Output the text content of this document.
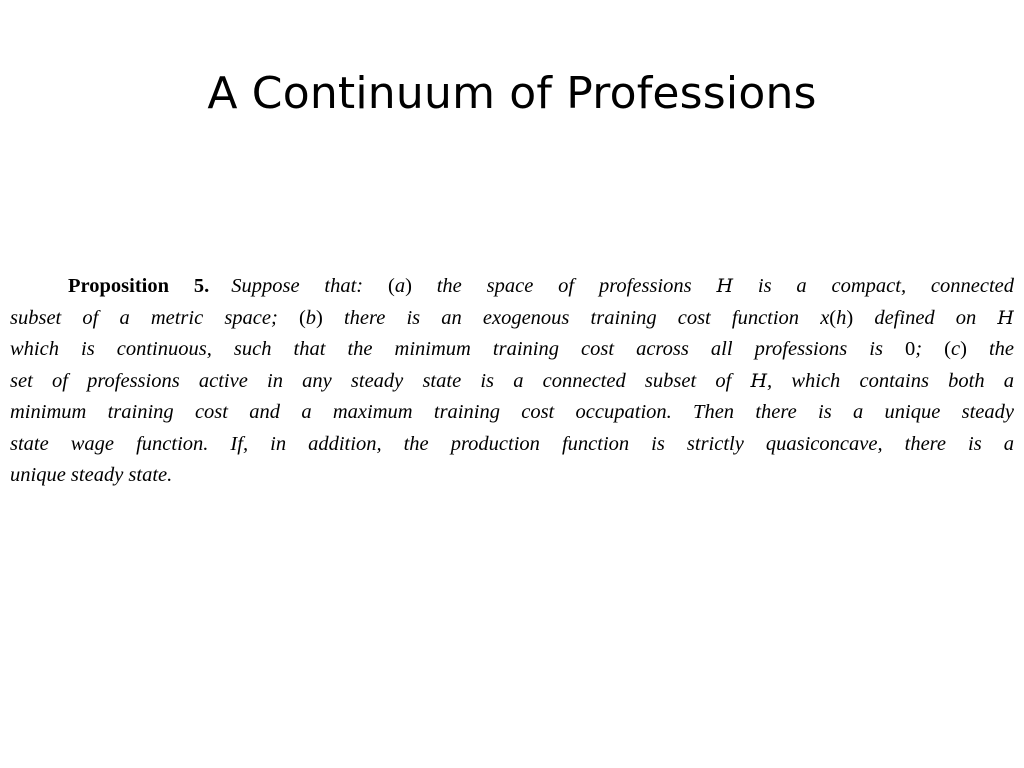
A Continuum of Professions
Proposition 5. Suppose that: (a) the space of professions H is a compact, connected
subset of a metric space; (b) there is an exogenous training cost function x(h) defined on H
which is continuous, such that the minimum training cost across all professions is 0; (c) the
set of professions active in any steady state is a connected subset of H, which contains both a
minimum training cost and a maximum training cost occupation. Then there is a unique steady
state wage function. If, in addition, the production function is strictly quasiconcave, there is a
unique steady state.
